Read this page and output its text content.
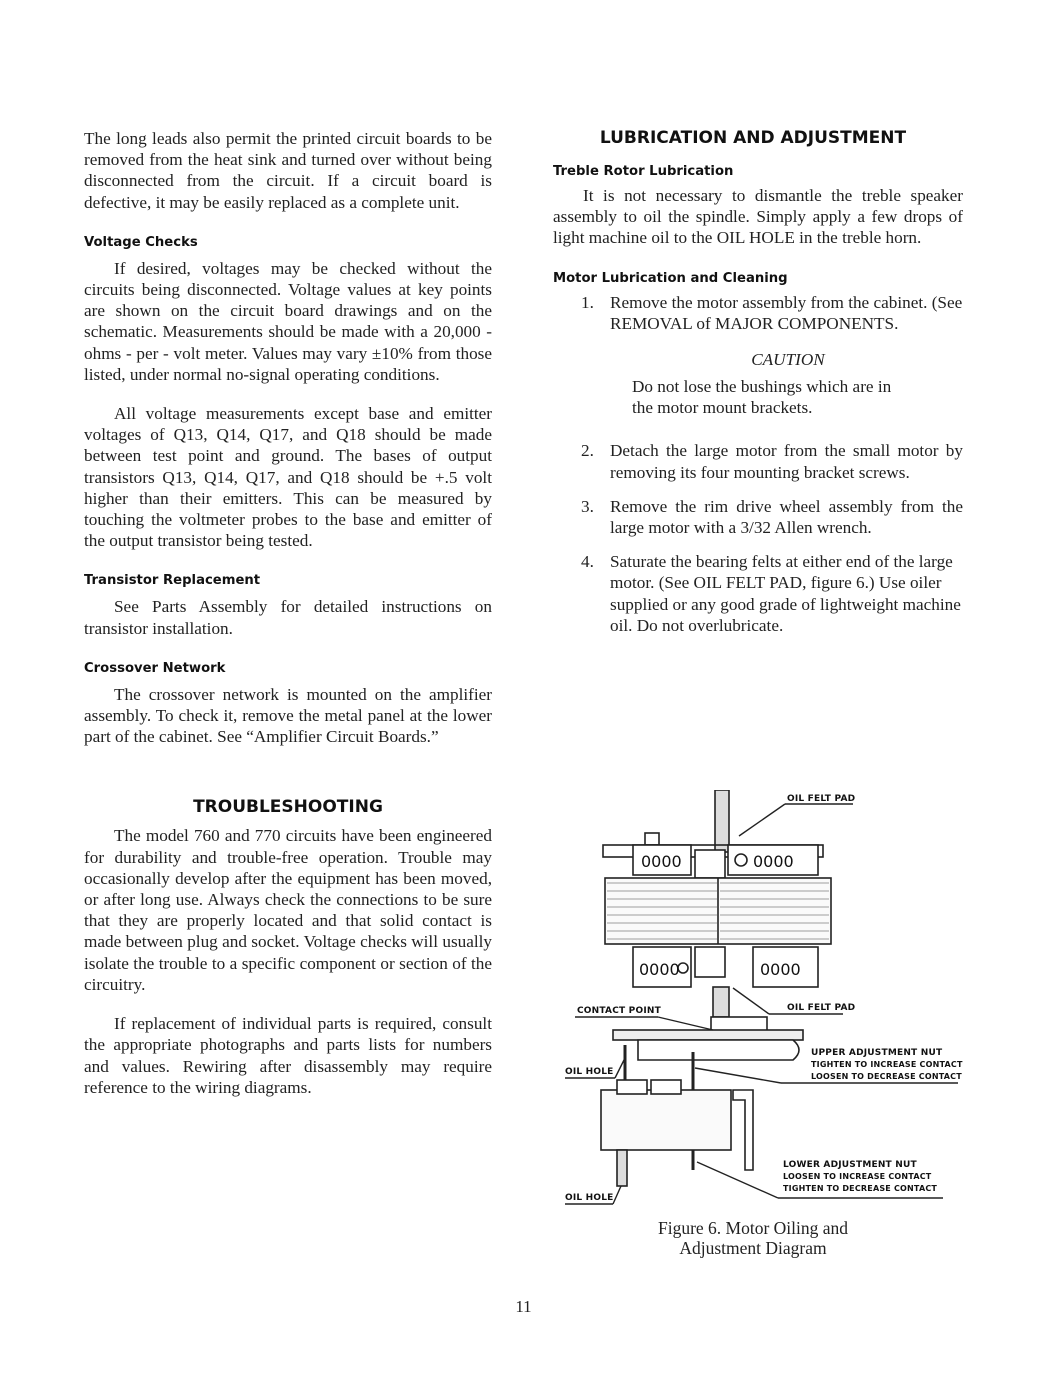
The long leads also permit the printed circuit boards to be removed from the heat sink and turned over without being disconnected from the circuit. If a circuit board is defective, it may be easily replaced as a complete unit.

Voltage Checks

If desired, voltages may be checked without the circuits being disconnected. Voltage values at key points are shown on the circuit board drawings and on the schematic. Measurements should be made with a 20,000 - ohms - per - volt meter. Values may vary ±10% from those listed, under normal no-signal operating conditions.

All voltage measurements except base and emitter voltages of Q13, Q14, Q17, and Q18 should be made between test point and ground. The bases of output transistors Q13, Q14, Q17, and Q18 should be +.5 volt higher than their emitters. This can be measured by touching the voltmeter probes to the base and emitter of the output transistor being tested.

Transistor Replacement

See Parts Assembly for detailed instructions on transistor installation.

Crossover Network

The crossover network is mounted on the amplifier assembly. To check it, remove the metal panel at the lower part of the cabinet. See “Amplifier Circuit Boards.”

TROUBLESHOOTING

The model 760 and 770 circuits have been engineered for durability and trouble-free operation. Trouble may occasionally develop after the equipment has been moved, or after long use. Always check the connections to be sure that they are properly located and that solid contact is made between plug and socket. Voltage checks will usually isolate the trouble to a specific component or section of the circuitry.

If replacement of individual parts is required, consult the appropriate photographs and parts lists for numbers and values. Rewiring after disassembly may require reference to the wiring diagrams.

LUBRICATION AND ADJUSTMENT
Treble Rotor Lubrication

It is not necessary to dismantle the treble speaker assembly to oil the spindle. Simply apply a few drops of light machine oil to the OIL HOLE in the treble horn.

Motor Lubrication and Cleaning
1. Remove the motor assembly from the cabinet. (See REMOVAL of MAJOR COMPONENTS.
CAUTION
Do not lose the bushings which are in the motor mount brackets.
2. Detach the large motor from the small motor by removing its four mounting bracket screws.
3. Remove the rim drive wheel assembly from the large motor with a 3/32 Allen wrench.
4. Saturate the bearing felts at either end of the large motor. (See OIL FELT PAD, figure 6.) Use oiler supplied or any good grade of lightweight machine oil. Do not overlubricate.
OIL FELT PAD
CONTACT POINT	OIL FELT PAD
OIL HOLE
UPPER ADJUSTMENT NUT
TIGHTEN TO INCREASE CONTACT
LOOSEN TO DECREASE CONTACT
LOWER ADJUSTMENT NUT
LOOSEN TO INCREASE CONTACT
TIGHTEN TO DECREASE CONTACT
OIL HOLE
0000	0000
0000	0000
Figure 6. Motor Oiling and
Adjustment Diagram
11
